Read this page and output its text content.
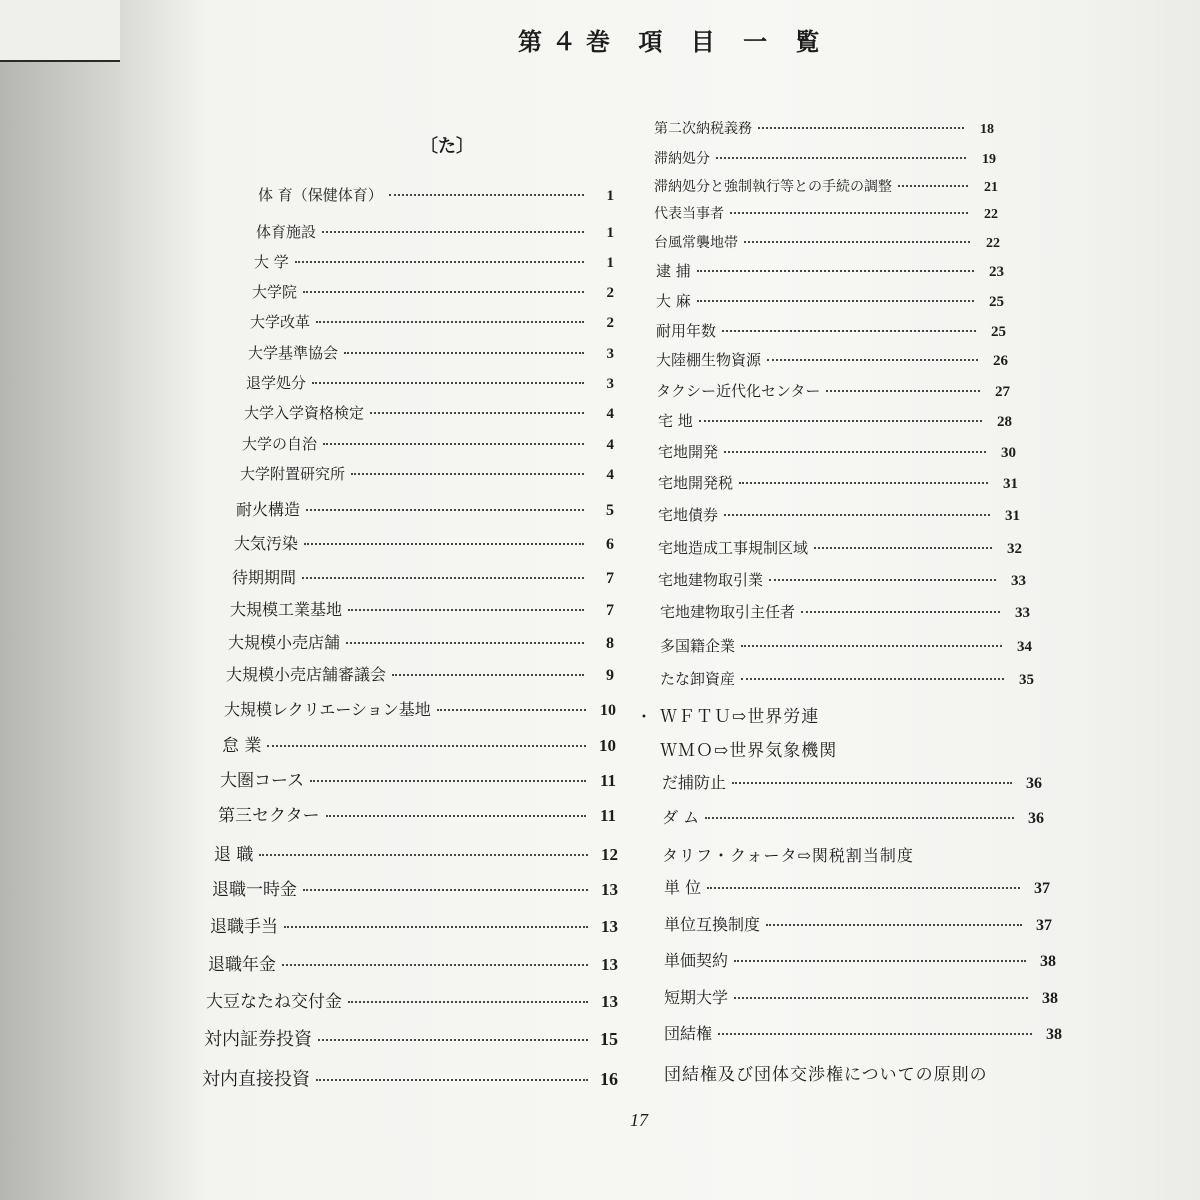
第４巻 項 目 一 覧
〔た〕
体 育（保健体育）	1
体育施設	1
大 学	1
大学院	2
大学改革	2
大学基準協会	3
退学処分	3
大学入学資格検定	4
大学の自治	4
大学附置研究所	4
耐火構造	5
大気汚染	6
待期期間	7
大規模工業基地	7
大規模小売店舗	8
大規模小売店舗審議会	9
大規模レクリエーション基地	10
怠 業	10
大圏コース	11
第三セクター	11
退 職	12
退職一時金	13
退職手当	13
退職年金	13
大豆なたね交付金	13
対内証券投資	15
対内直接投資	16
第二次納税義務	18
滞納処分	19
滞納処分と強制執行等との手続の調整	21
代表当事者	22
台風常襲地帯	22
逮 捕	23
大 麻	25
耐用年数	25
大陸棚生物資源	26
タクシー近代化センター	27
宅 地	28
宅地開発	30
宅地開発税	31
宅地債券	31
宅地造成工事規制区域	32
宅地建物取引業	33
宅地建物取引主任者	33
多国籍企業	34
たな卸資産	35
ＷＦＴＵ⇨世界労連
ＷＭＯ⇨世界気象機関
だ捕防止	36
ダ ム	36
タリフ・クォータ⇨関税割当制度
単 位	37
単位互換制度	37
単価契約	38
短期大学	38
団結権	38
団結権及び団体交渉権についての原則の
•
17
